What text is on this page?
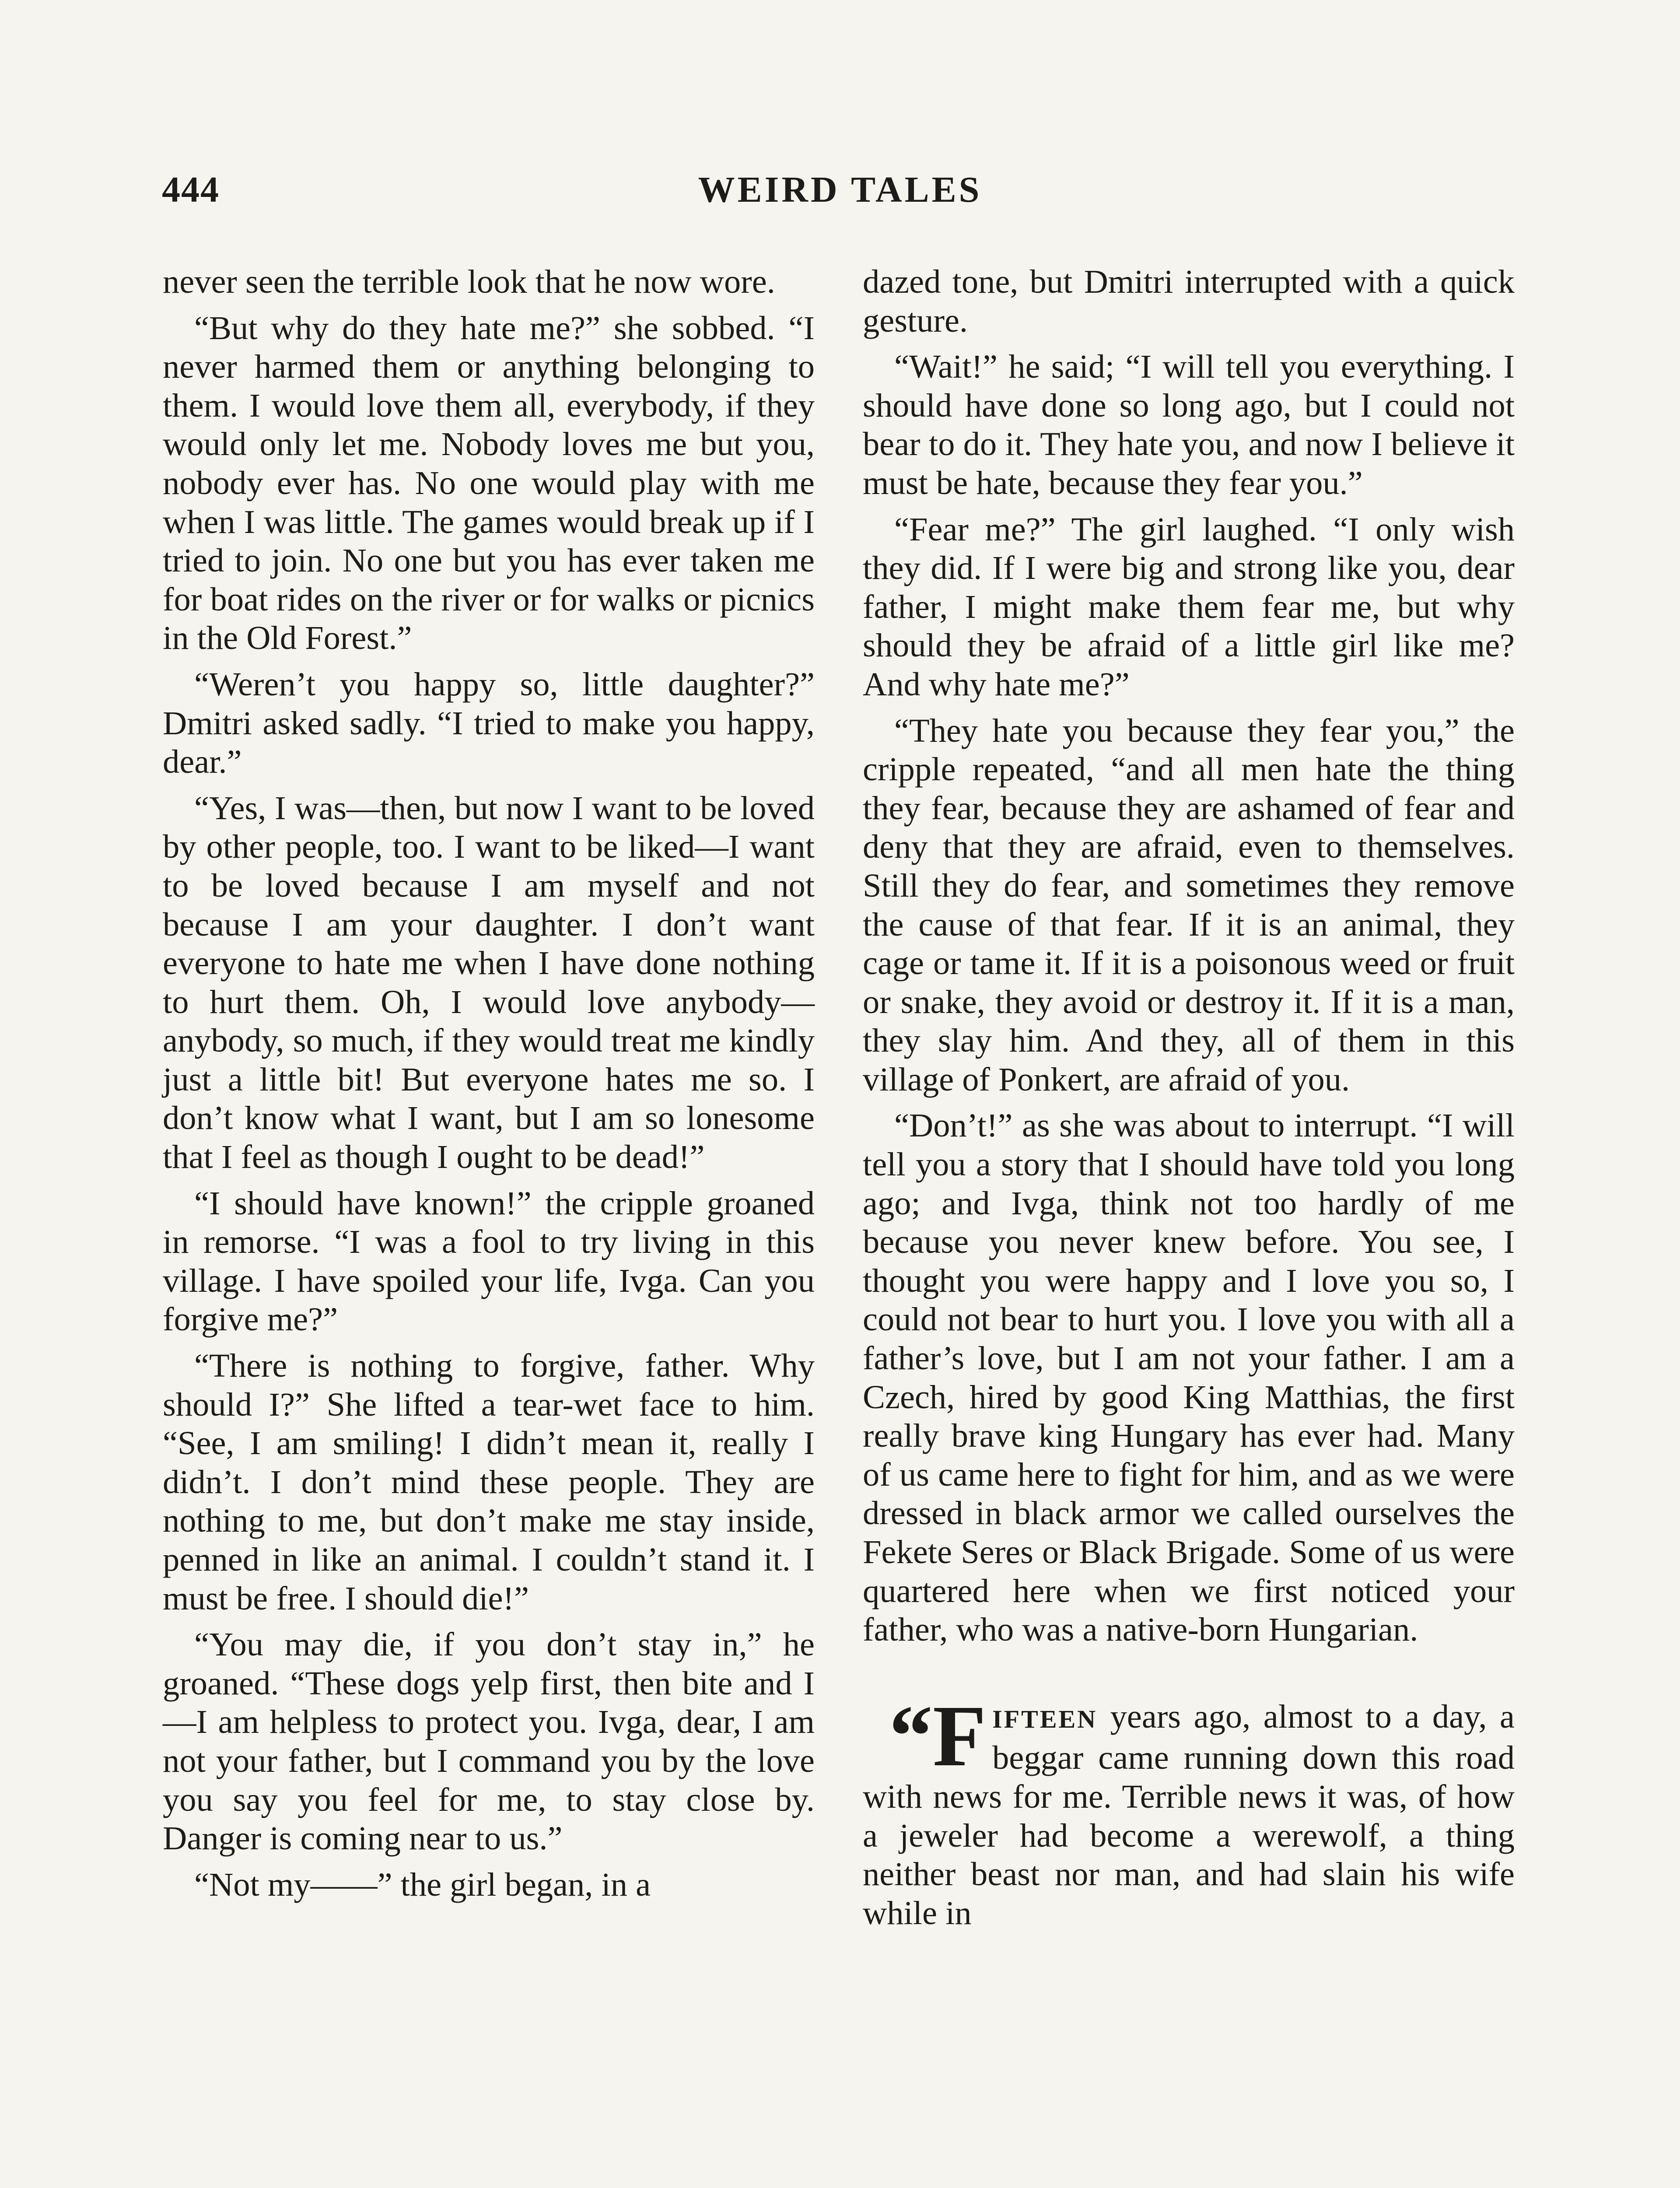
444	WEIRD TALES

never seen the terrible look that he now wore.

“But why do they hate me?” she sobbed. “I never harmed them or anything belonging to them. I would love them all, everybody, if they would only let me. Nobody loves me but you, nobody ever has. No one would play with me when I was little. The games would break up if I tried to join. No one but you has ever taken me for boat rides on the river or for walks or picnics in the Old Forest.”

“Weren’t you happy so, little daughter?” Dmitri asked sadly. “I tried to make you happy, dear.”

“Yes, I was—then, but now I want to be loved by other people, too. I want to be liked—I want to be loved because I am myself and not because I am your daughter. I don’t want everyone to hate me when I have done nothing to hurt them. Oh, I would love anybody—anybody, so much, if they would treat me kindly just a little bit! But everyone hates me so. I don’t know what I want, but I am so lonesome that I feel as though I ought to be dead!”

“I should have known!” the cripple groaned in remorse. “I was a fool to try living in this village. I have spoiled your life, Ivga. Can you forgive me?”

“There is nothing to forgive, father. Why should I?” She lifted a tear-wet face to him. “See, I am smiling! I didn’t mean it, really I didn’t. I don’t mind these people. They are nothing to me, but don’t make me stay inside, penned in like an animal. I couldn’t stand it. I must be free. I should die!”

“You may die, if you don’t stay in,” he groaned. “These dogs yelp first, then bite and I—I am helpless to protect you. Ivga, dear, I am not your father, but I command you by the love you say you feel for me, to stay close by. Danger is coming near to us.”

“Not my——” the girl began, in a

dazed tone, but Dmitri interrupted with a quick gesture.

“Wait!” he said; “I will tell you everything. I should have done so long ago, but I could not bear to do it. They hate you, and now I believe it must be hate, because they fear you.”

“Fear me?” The girl laughed. “I only wish they did. If I were big and strong like you, dear father, I might make them fear me, but why should they be afraid of a little girl like me? And why hate me?”

“They hate you because they fear you,” the cripple repeated, “and all men hate the thing they fear, because they are ashamed of fear and deny that they are afraid, even to themselves. Still they do fear, and sometimes they remove the cause of that fear. If it is an animal, they cage or tame it. If it is a poisonous weed or fruit or snake, they avoid or destroy it. If it is a man, they slay him. And they, all of them in this village of Ponkert, are afraid of you.

“Don’t!” as she was about to interrupt. “I will tell you a story that I should have told you long ago; and Ivga, think not too hardly of me because you never knew before. You see, I thought you were happy and I love you so, I could not bear to hurt you. I love you with all a father’s love, but I am not your father. I am a Czech, hired by good King Matthias, the first really brave king Hungary has ever had. Many of us came here to fight for him, and as we were dressed in black armor we called ourselves the Fekete Seres or Black Brigade. Some of us were quartered here when we first noticed your father, who was a native-born Hungarian.

“F IFTEEN years ago, almost to a day, a beggar came running down this road with news for me. Terrible news it was, of how a jeweler had become a werewolf, a thing neither beast nor man, and had slain his wife while in
